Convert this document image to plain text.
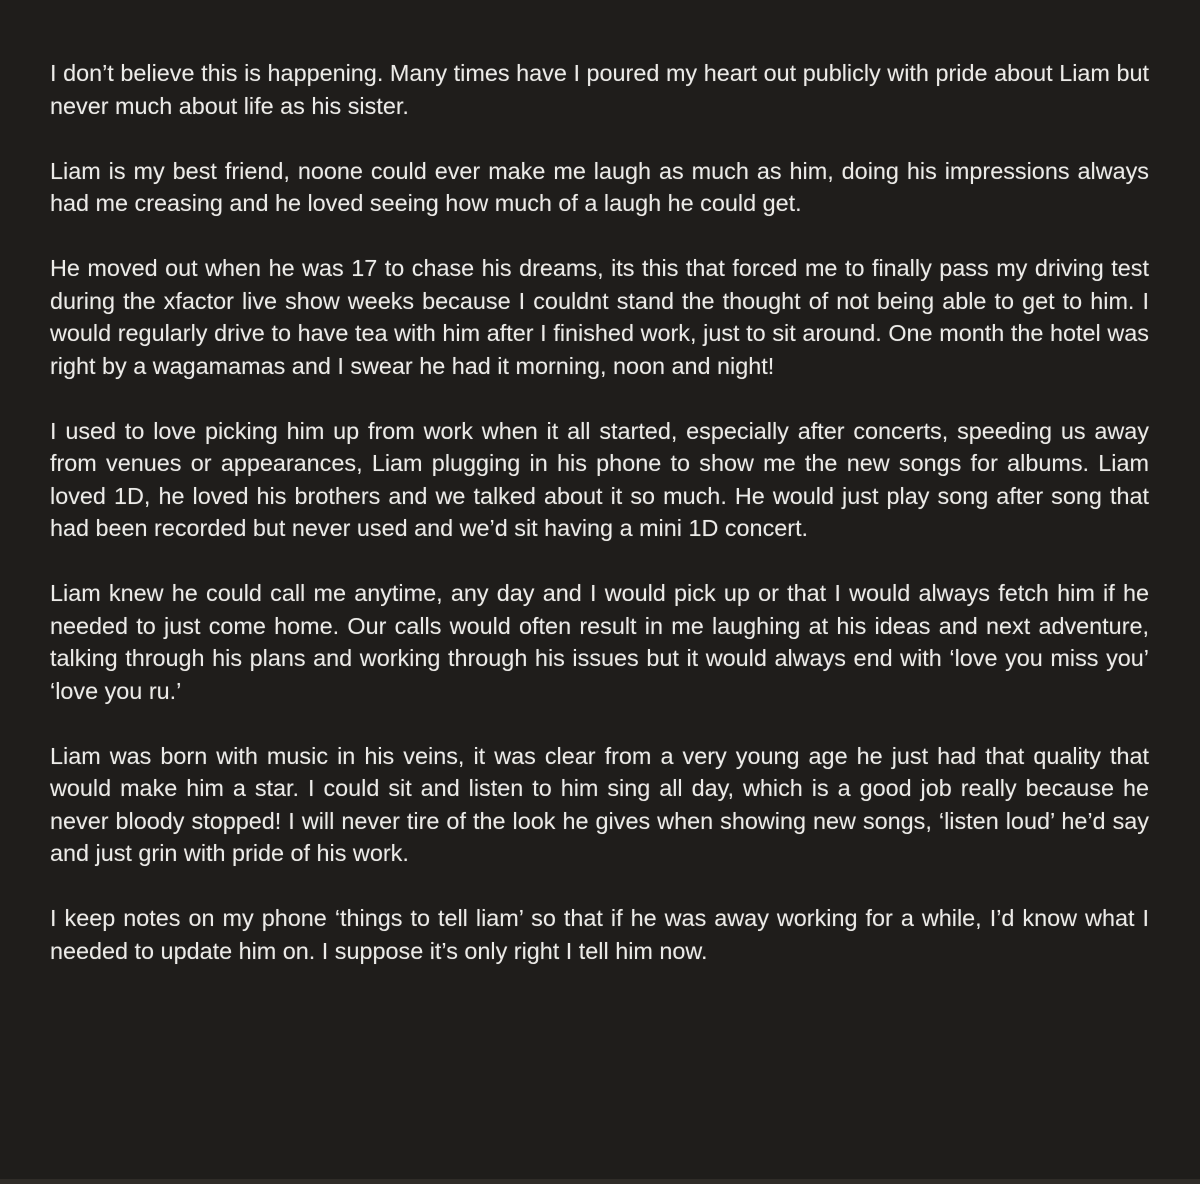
I don’t believe this is happening. Many times have I poured my heart out publicly with pride about Liam but never much about life as his sister.

Liam is my best friend, noone could ever make me laugh as much as him, doing his impressions always had me creasing and he loved seeing how much of a laugh he could get.

He moved out when he was 17 to chase his dreams, its this that forced me to finally pass my driving test during the xfactor live show weeks because I couldnt stand the thought of not being able to get to him. I would regularly drive to have tea with him after I finished work, just to sit around. One month the hotel was right by a wagamamas and I swear he had it morning, noon and night!

I used to love picking him up from work when it all started, especially after concerts, speeding us away from venues or appearances, Liam plugging in his phone to show me the new songs for albums. Liam loved 1D, he loved his brothers and we talked about it so much. He would just play song after song that had been recorded but never used and we’d sit having a mini 1D concert.

Liam knew he could call me anytime, any day and I would pick up or that I would always fetch him if he needed to just come home. Our calls would often result in me laughing at his ideas and next adventure, talking through his plans and working through his issues but it would always end with ‘love you miss you’ ‘love you ru.’

Liam was born with music in his veins, it was clear from a very young age he just had that quality that would make him a star. I could sit and listen to him sing all day, which is a good job really because he never bloody stopped! I will never tire of the look he gives when showing new songs, ‘listen loud’ he’d say and just grin with pride of his work.

I keep notes on my phone ‘things to tell liam’ so that if he was away working for a while, I’d know what I needed to update him on. I suppose it’s only right I tell him now.
